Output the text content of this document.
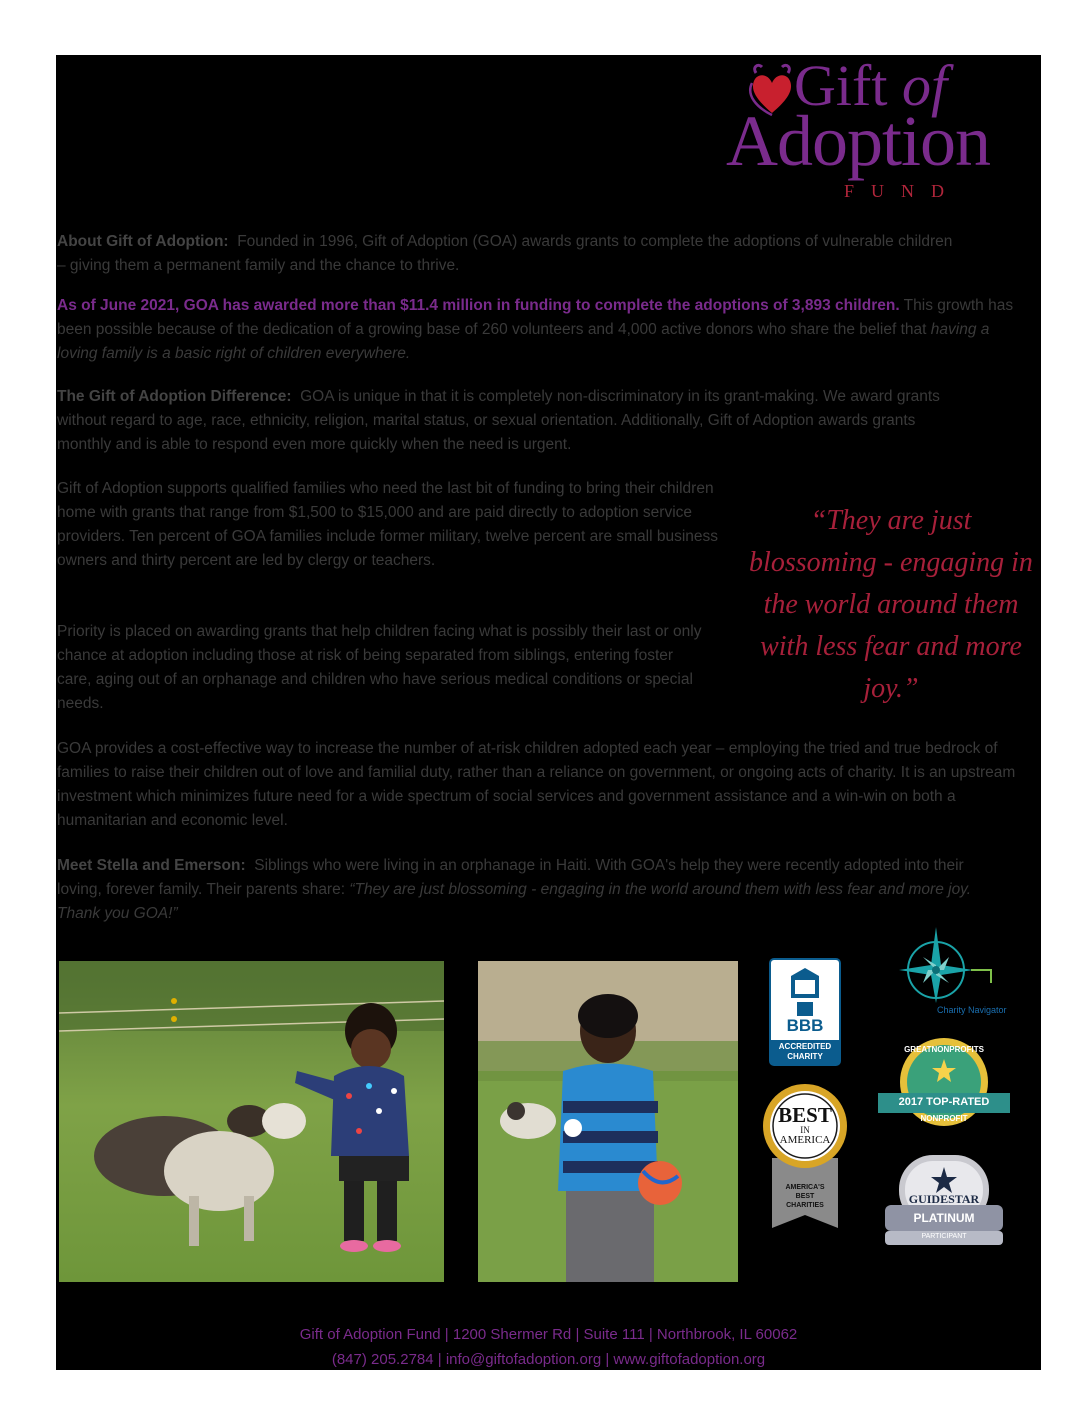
Gift of
Adoption
FUND

About Gift of Adoption: Founded in 1996, Gift of Adoption (GOA) awards grants to complete the adoptions of vulnerable children – giving them a permanent family and the chance to thrive.

As of June 2021, GOA has awarded more than $11.4 million in funding to complete the adoptions of 3,893 children. This growth has been possible because of the dedication of a growing base of 260 volunteers and 4,000 active donors who share the belief that having a loving family is a basic right of children everywhere.

The Gift of Adoption Difference: GOA is unique in that it is completely non-discriminatory in its grant-making. We award grants without regard to age, race, ethnicity, religion, marital status, or sexual orientation. Additionally, Gift of Adoption awards grants monthly and is able to respond even more quickly when the need is urgent.

Gift of Adoption supports qualified families who need the last bit of funding to bring their children home with grants that range from $1,500 to $15,000 and are paid directly to adoption service providers. Ten percent of GOA families include former military, twelve percent are small business owners and thirty percent are led by clergy or teachers.

Priority is placed on awarding grants that help children facing what is possibly their last or only chance at adoption including those at risk of being separated from siblings, entering foster care, aging out of an orphanage and children who have serious medical conditions or special needs.

“They are just blossoming - engaging in the world around them with less fear and more joy.”

GOA provides a cost-effective way to increase the number of at-risk children adopted each year – employing the tried and true bedrock of families to raise their children out of love and familial duty, rather than a reliance on government, or ongoing acts of charity. It is an upstream investment which minimizes future need for a wide spectrum of social services and government assistance and a win-win on both a humanitarian and economic level.

Meet Stella and Emerson: Siblings who were living in an orphanage in Haiti. With GOA's help they were recently adopted into their loving, forever family. Their parents share: “They are just blossoming - engaging in the world around them with less fear and more joy. Thank you GOA!”

BBB
ACCREDITED CHARITY
Charity Navigator
BEST
IN
AMERICA
AMERICA'S BEST CHARITIES
GREATNONPROFITS
2017 TOP-RATED
NONPROFIT
GUIDESTAR
PLATINUM
PARTICIPANT
Gift of Adoption Fund | 1200 Shermer Rd | Suite 111 | Northbrook, IL 60062
(847) 205.2784 | info@giftofadoption.org | www.giftofadoption.org
